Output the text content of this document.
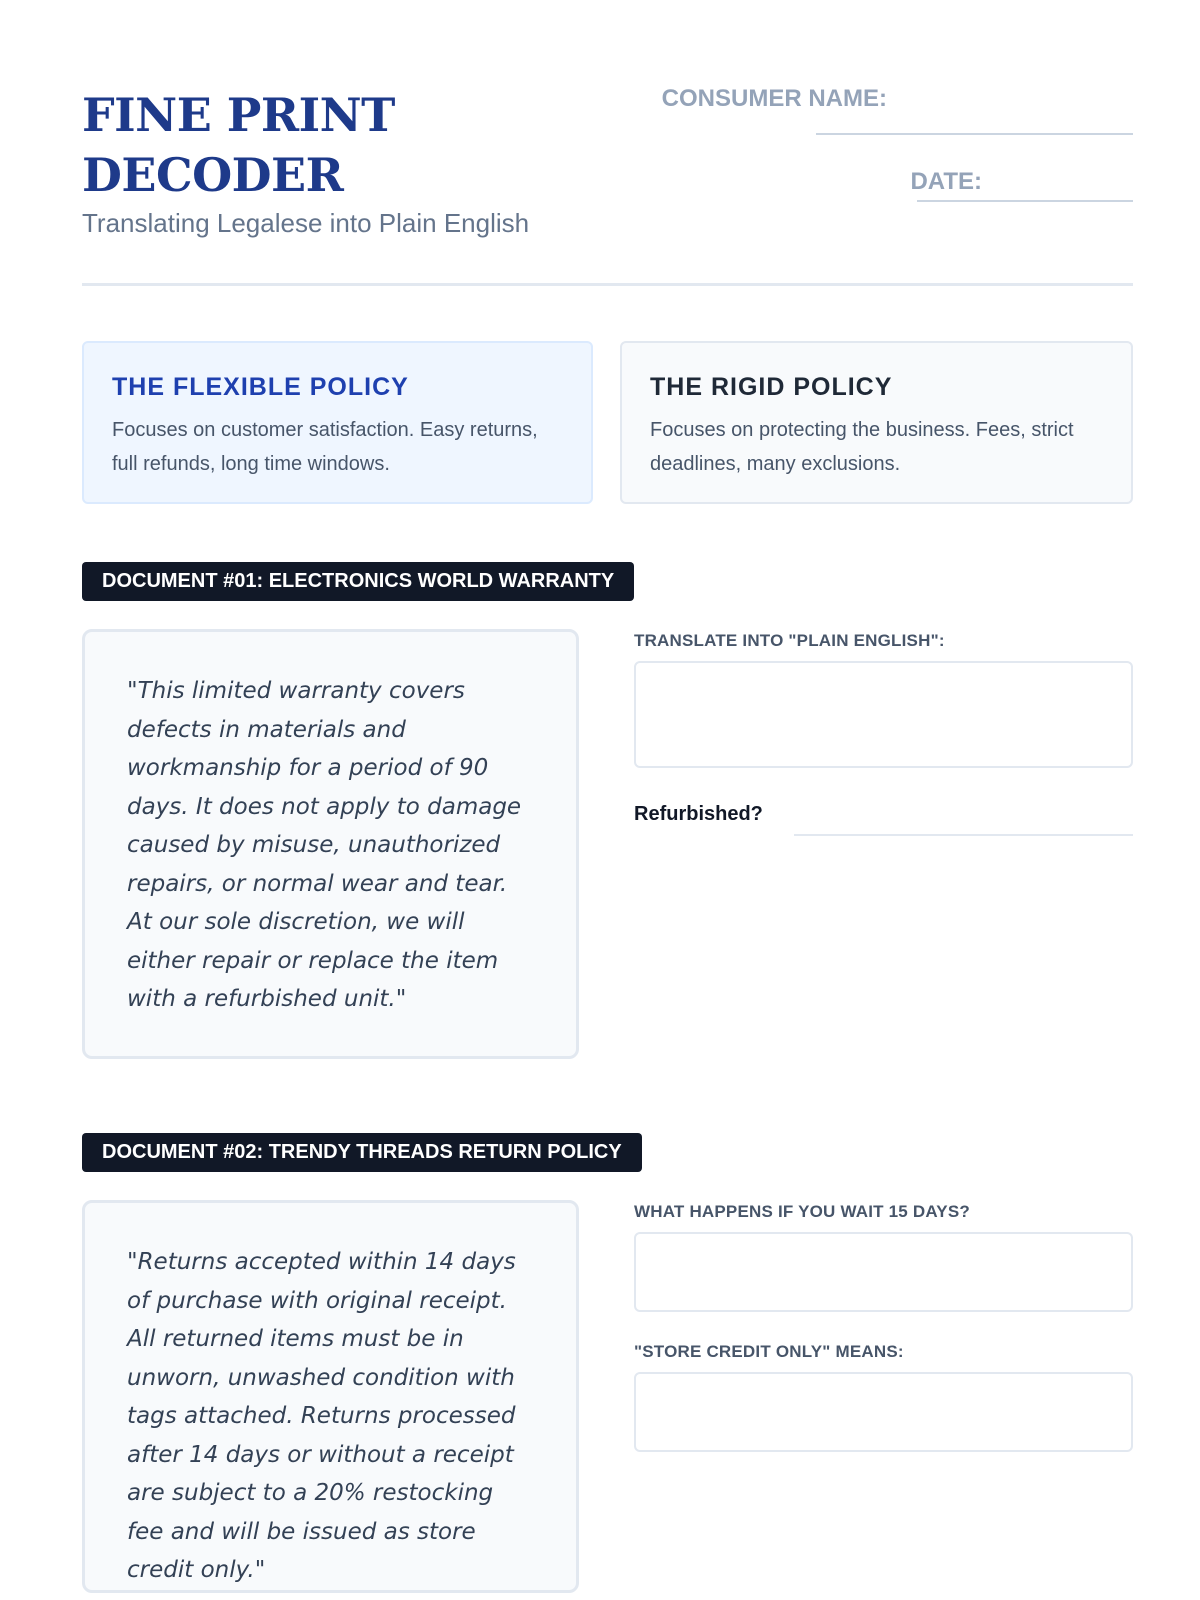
FINE PRINT DECODER
Translating Legalese into Plain English
CONSUMER NAME:
DATE:
THE FLEXIBLE POLICY
Focuses on customer satisfaction. Easy returns, full refunds, long time windows.
THE RIGID POLICY
Focuses on protecting the business. Fees, strict deadlines, many exclusions.
DOCUMENT #01: ELECTRONICS WORLD WARRANTY

"This limited warranty covers defects in materials and workmanship for a period of 90 days. It does not apply to damage caused by misuse, unauthorized repairs, or normal wear and tear. At our sole discretion, we will either repair or replace the item with a refurbished unit."

TRANSLATE INTO "PLAIN ENGLISH":
Refurbished?
DOCUMENT #02: TRENDY THREADS RETURN POLICY

"Returns accepted within 14 days of purchase with original receipt. All returned items must be in unworn, unwashed condition with tags attached. Returns processed after 14 days or without a receipt are subject to a 20% restocking fee and will be issued as store credit only."

WHAT HAPPENS IF YOU WAIT 15 DAYS?
"STORE CREDIT ONLY" MEANS:
